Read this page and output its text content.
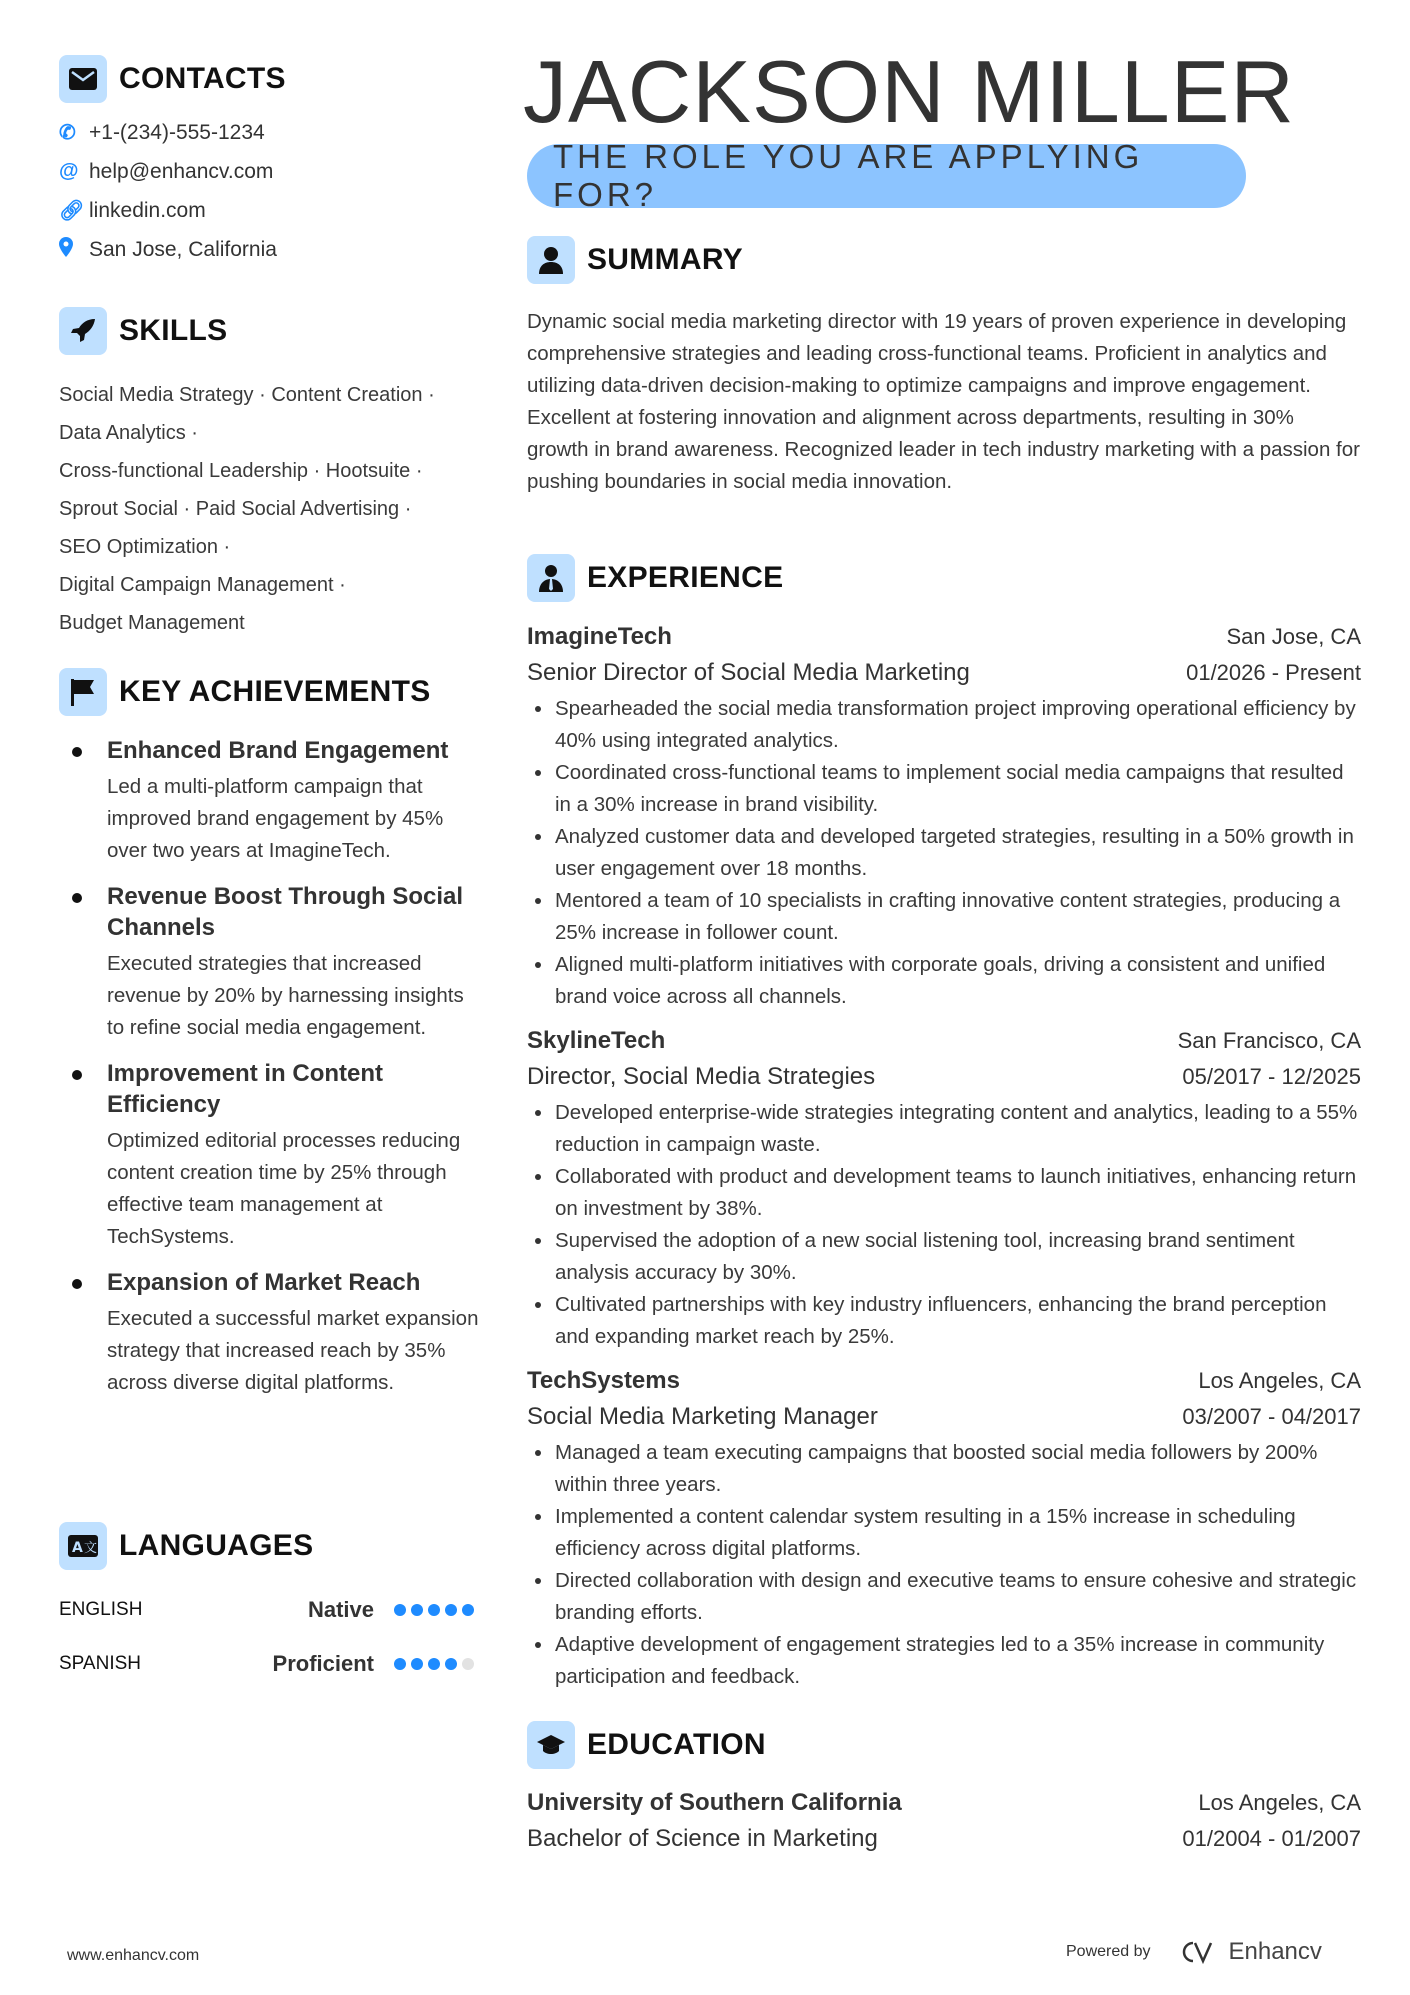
CONTACTS
✆ +1-(234)-555-1234
@ help@enhancv.com
🔗︎ linkedin.com
San Jose, California
SKILLS
Social Media Strategy · Content Creation ·
Data Analytics ·
Cross-functional Leadership · Hootsuite ·
Sprout Social · Paid Social Advertising ·
SEO Optimization ·
Digital Campaign Management ·
Budget Management
KEY ACHIEVEMENTS
Enhanced Brand Engagement
Led a multi-platform campaign that improved brand engagement by 45% over two years at ImagineTech.
Revenue Boost Through Social Channels
Executed strategies that increased revenue by 20% by harnessing insights to refine social media engagement.
Improvement in Content Efficiency
Optimized editorial processes reducing content creation time by 25% through effective team management at TechSystems.
Expansion of Market Reach
Executed a successful market expansion strategy that increased reach by 35% across diverse digital platforms.
A 文 LANGUAGES
ENGLISH	Native
SPANISH	Proficient
JACKSON MILLER
THE ROLE YOU ARE APPLYING FOR?
SUMMARY

Dynamic social media marketing director with 19 years of proven experience in developing comprehensive strategies and leading cross-functional teams. Proficient in analytics and utilizing data-driven decision-making to optimize campaigns and improve engagement. Excellent at fostering innovation and alignment across departments, resulting in 30% growth in brand awareness. Recognized leader in tech industry marketing with a passion for pushing boundaries in social media innovation.

EXPERIENCE
ImagineTech	San Jose, CA
Senior Director of Social Media Marketing	01/2026 - Present
Spearheaded the social media transformation project improving operational efficiency by 40% using integrated analytics.
Coordinated cross-functional teams to implement social media campaigns that resulted in a 30% increase in brand visibility.
Analyzed customer data and developed targeted strategies, resulting in a 50% growth in user engagement over 18 months.
Mentored a team of 10 specialists in crafting innovative content strategies, producing a 25% increase in follower count.
Aligned multi-platform initiatives with corporate goals, driving a consistent and unified brand voice across all channels.
SkylineTech	San Francisco, CA
Director, Social Media Strategies	05/2017 - 12/2025
Developed enterprise-wide strategies integrating content and analytics, leading to a 55% reduction in campaign waste.
Collaborated with product and development teams to launch initiatives, enhancing return on investment by 38%.
Supervised the adoption of a new social listening tool, increasing brand sentiment analysis accuracy by 30%.
Cultivated partnerships with key industry influencers, enhancing the brand perception and expanding market reach by 25%.
TechSystems	Los Angeles, CA
Social Media Marketing Manager	03/2007 - 04/2017
Managed a team executing campaigns that boosted social media followers by 200% within three years.
Implemented a content calendar system resulting in a 15% increase in scheduling efficiency across digital platforms.
Directed collaboration with design and executive teams to ensure cohesive and strategic branding efforts.
Adaptive development of engagement strategies led to a 35% increase in community participation and feedback.
EDUCATION
University of Southern California	Los Angeles, CA
Bachelor of Science in Marketing	01/2004 - 01/2007
www.enhancv.com	Powered by	Enhancv
